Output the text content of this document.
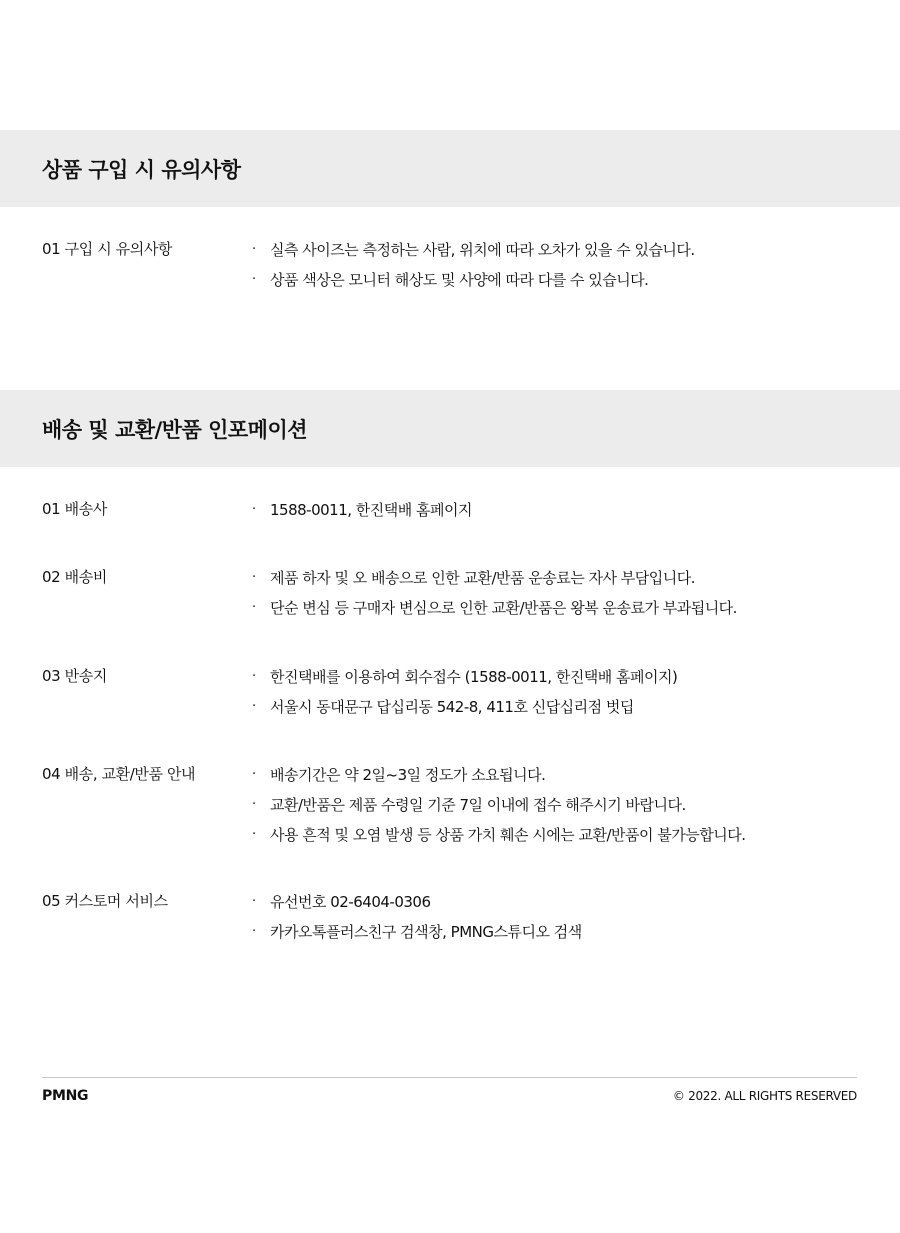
상품 구입 시 유의사항
01 구입 시 유의사항	· 실측 사이즈는 측정하는 사람, 위치에 따라 오차가 있을 수 있습니다.
· 상품 색상은 모니터 해상도 및 사양에 따라 다를 수 있습니다.
배송 및 교환/반품 인포메이션
01 배송사	· 1588-0011, 한진택배 홈페이지
02 배송비	· 제품 하자 및 오 배송으로 인한 교환/반품 운송료는 자사 부담입니다.
· 단순 변심 등 구매자 변심으로 인한 교환/반품은 왕복 운송료가 부과됩니다.
03 반송지	· 한진택배를 이용하여 회수접수 (1588-0011, 한진택배 홈페이지)
· 서울시 동대문구 답십리동 542-8, 411호 신답십리점 벗딥
04 배송, 교환/반품 안내	· 배송기간은 약 2일~3일 정도가 소요됩니다.
· 교환/반품은 제품 수령일 기준 7일 이내에 접수 해주시기 바랍니다.
· 사용 흔적 및 오염 발생 등 상품 가치 훼손 시에는 교환/반품이 불가능합니다.
05 커스토머 서비스	· 유선번호 02-6404-0306
· 카카오톡플러스친구 검색창, PMNG스튜디오 검색
PMNG	© 2022. ALL RIGHTS RESERVED
